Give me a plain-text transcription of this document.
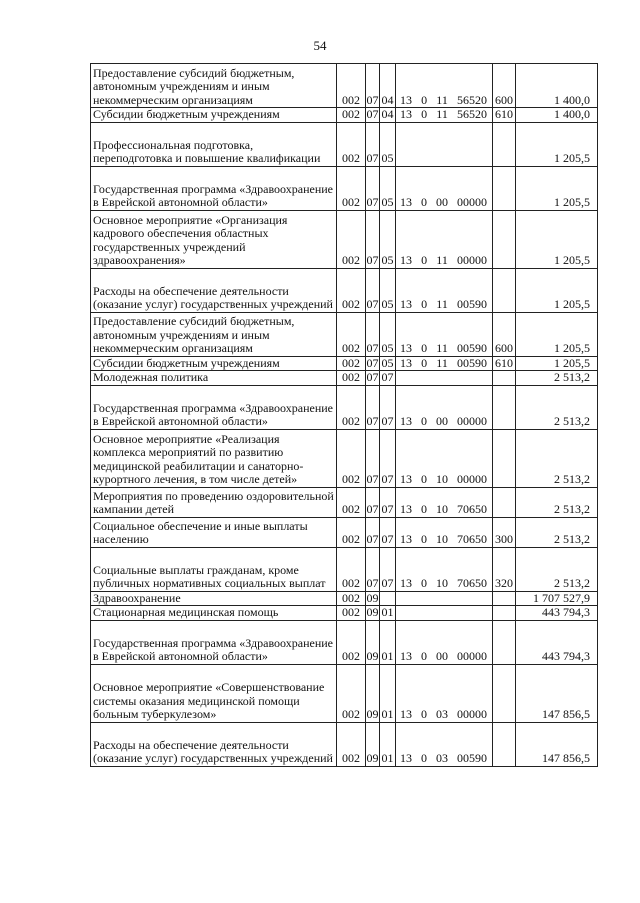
54
Предоставление субсидий бюджетным, автономным учреждениям и иным некоммерческим организациям	002	07	04	13 0 11 56520	600	1 400,0
Субсидии бюджетным учреждениям	002	07	04	13 0 11 56520	610	1 400,0
Профессиональная подготовка, переподготовка и повышение квалификации	002	07	05			1 205,5
Государственная программа «Здравоохранение в Еврейской автономной области»	002	07	05	13 0 00 00000		1 205,5
Основное мероприятие «Организация кадрового обеспечения областных государственных учреждений здравоохранения»	002	07	05	13 0 11 00000		1 205,5
Расходы на обеспечение деятельности (оказание услуг) государственных учреждений	002	07	05	13 0 11 00590		1 205,5
Предоставление субсидий бюджетным, автономным учреждениям и иным некоммерческим организациям	002	07	05	13 0 11 00590	600	1 205,5
Субсидии бюджетным учреждениям	002	07	05	13 0 11 00590	610	1 205,5
Молодежная политика	002	07	07			2 513,2
Государственная программа «Здравоохранение в Еврейской автономной области»	002	07	07	13 0 00 00000		2 513,2
Основное мероприятие «Реализация комплекса мероприятий по развитию медицинской реабилитации и санаторно-курортного лечения, в том числе детей»	002	07	07	13 0 10 00000		2 513,2
Мероприятия по проведению оздоровительной кампании детей	002	07	07	13 0 10 70650		2 513,2
Социальное обеспечение и иные выплаты населению	002	07	07	13 0 10 70650	300	2 513,2
Социальные выплаты гражданам, кроме публичных нормативных социальных выплат	002	07	07	13 0 10 70650	320	2 513,2
Здравоохранение	002	09				1 707 527,9
Стационарная медицинская помощь	002	09	01			443 794,3
Государственная программа «Здравоохранение в Еврейской автономной области»	002	09	01	13 0 00 00000		443 794,3
Основное мероприятие «Совершенствование системы оказания медицинской помощи больным туберкулезом»	002	09	01	13 0 03 00000		147 856,5
Расходы на обеспечение деятельности (оказание услуг) государственных учреждений	002	09	01	13 0 03 00590		147 856,5
